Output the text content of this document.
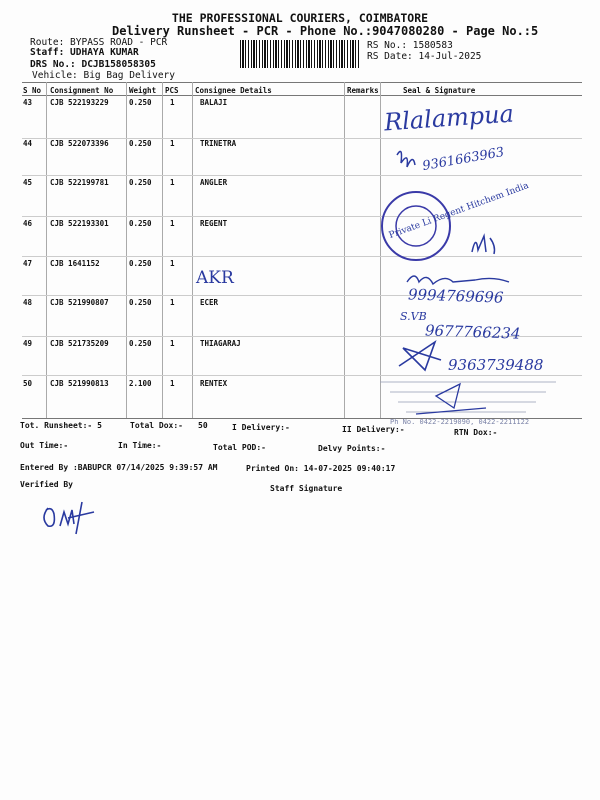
THE PROFESSIONAL COURIERS, COIMBATORE
Delivery Runsheet - PCR - Phone No.:9047080280 - Page No.:5
Route: BYPASS ROAD - PCR
Staff: UDHAYA KUMAR
DRS No.: DCJB158058305
Vehicle: Big Bag Delivery
RS No.: 1580583
RS Date: 14-Jul-2025
S No Consignment No Weight PCS Consignee Details	Remarks	Seal & Signature
43 CJB 522193229	0.250 1	BALAJI
44 CJB 522073396	0.250 1	TRINETRA
45 CJB 522199781	0.250 1	ANGLER
46 CJB 522193301	0.250 1	REGENT
47 CJB 1641152	0.250 1
48 CJB 521990807	0.250 1	ECER
49 CJB 521735209	0.250 1	THIAGARAJ
50 CJB 521990813	2.100 1	RENTEX
Rlalampua
9361663963
Private Li Regent Hitchem India
AKR
9994769696
S.VB
9677766234
9363739488
Ph No. 0422-2219090, 0422-2211122
Tot. Runsheet:- 5	Total Dox:- 50	I Delivery:-	II Delivery:-	RTN Dox:-
Out Time:-	In Time:-	Total POD:-	Delvy Points:-
Entered By :BABUPCR 07/14/2025 9:39:57 AM	Printed On: 14-07-2025 09:40:17
Verified By	Staff Signature
